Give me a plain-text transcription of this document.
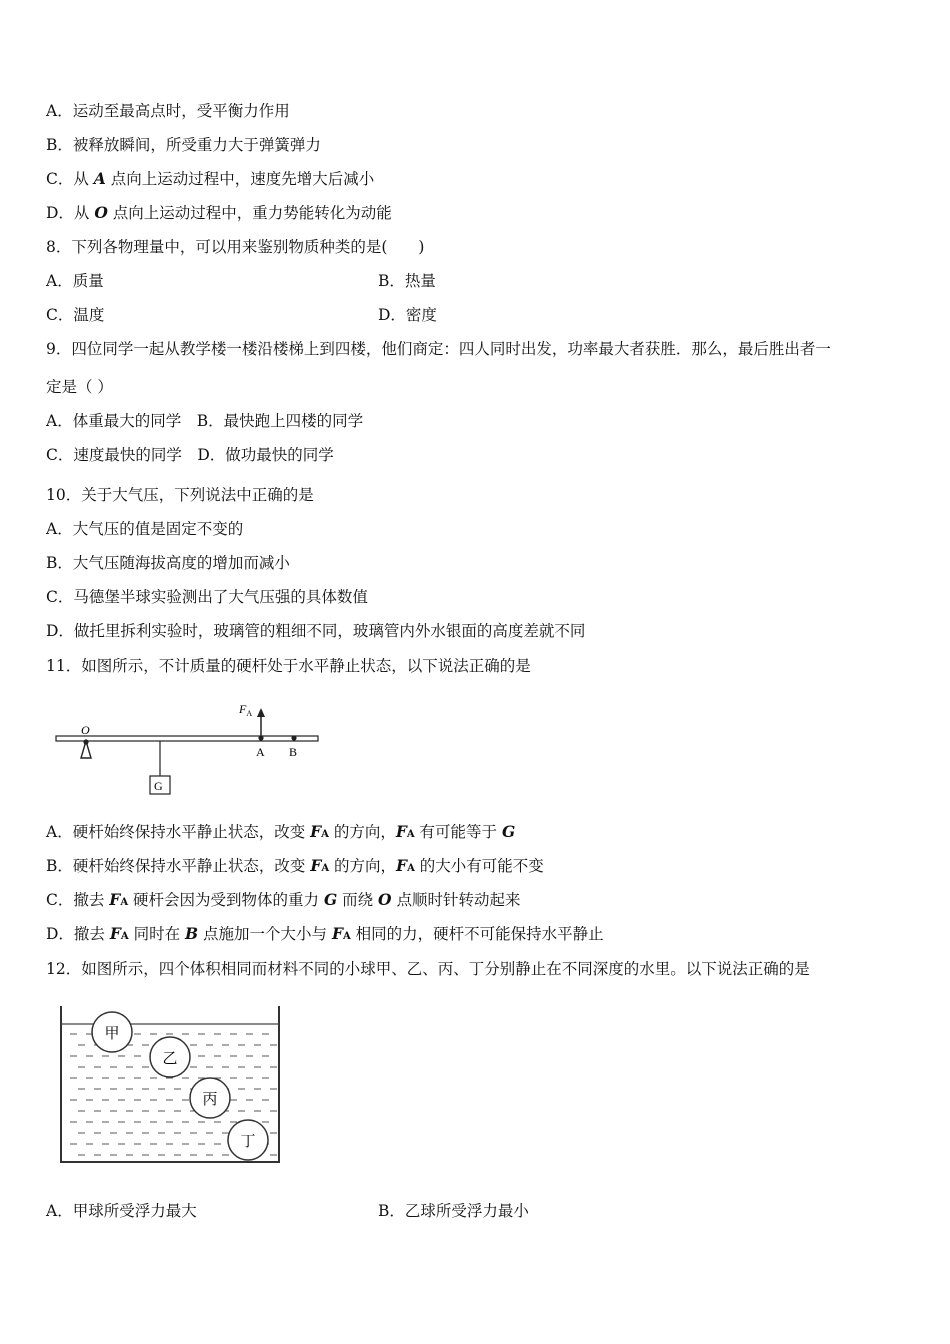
A．运动至最高点时，受平衡力作用
B．被释放瞬间，所受重力大于弹簧弹力
C．从 A 点向上运动过程中，速度先增大后减小
D．从 O 点向上运动过程中，重力势能转化为动能
8．下列各物理量中，可以用来鉴别物质种类的是(　　)
A．质量	B．热量
C．温度	D．密度
9．四位同学一起从教学楼一楼沿楼梯上到四楼，他们商定：四人同时出发，功率最大者获胜．那么，最后胜出者一
定是（ ）
A．体重最大的同学　B．最快跑上四楼的同学
C．速度最快的同学　D．做功最快的同学
10．关于大气压，下列说法中正确的是
A．大气压的值是固定不变的
B．大气压随海拔高度的增加而减小
C．马德堡半球实验测出了大气压强的具体数值
D．做托里拆利实验时，玻璃管的粗细不同，玻璃管内外水银面的高度差就不同
11．如图所示，不计质量的硬杆处于水平静止状态，以下说法正确的是
O
G
$F_A$
A B
A．硬杆始终保持水平静止状态，改变 FA 的方向，FA 有可能等于 G
B．硬杆始终保持水平静止状态，改变 FA 的方向，FA 的大小有可能不变
C．撤去 FA 硬杆会因为受到物体的重力 G 而绕 O 点顺时针转动起来
D．撤去 FA 同时在 B 点施加一个大小与 FA 相同的力，硬杆不可能保持水平静止
12．如图所示，四个体积相同而材料不同的小球甲、乙、丙、丁分别静止在不同深度的水里。以下说法正确的是
甲
乙
丙
丁
A．甲球所受浮力最大	B．乙球所受浮力最小
